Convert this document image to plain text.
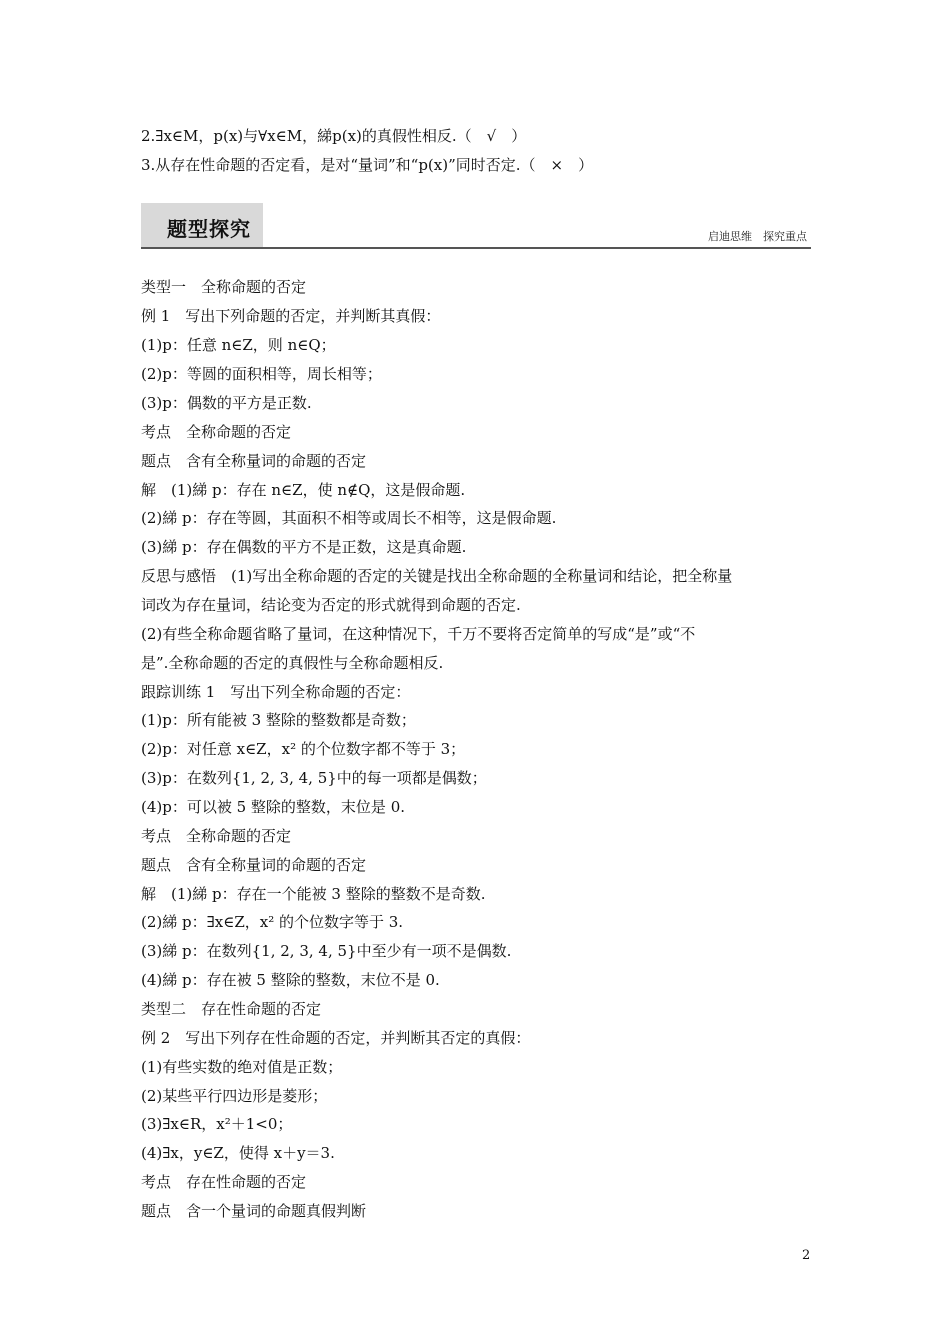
2.∃x∈M，p(x)与∀x∈M，綈p(x)的真假性相反.（　√　）
3.从存在性命题的否定看，是对“量词”和“p(x)”同时否定.（　×　）
题型探究	启迪思维　探究重点
类型一　全称命题的否定
例 1　写出下列命题的否定，并判断其真假：
(1)p：任意 n∈Z，则 n∈Q；
(2)p：等圆的面积相等，周长相等；
(3)p：偶数的平方是正数.
考点　全称命题的否定
题点　含有全称量词的命题的否定
解　(1)綈 p：存在 n∈Z，使 n∉Q，这是假命题.
(2)綈 p：存在等圆，其面积不相等或周长不相等，这是假命题.
(3)綈 p：存在偶数的平方不是正数，这是真命题.
反思与感悟　(1)写出全称命题的否定的关键是找出全称命题的全称量词和结论，把全称量
词改为存在量词，结论变为否定的形式就得到命题的否定.
(2)有些全称命题省略了量词，在这种情况下，千万不要将否定简单的写成“是”或“不
是”.全称命题的否定的真假性与全称命题相反.
跟踪训练 1　写出下列全称命题的否定：
(1)p：所有能被 3 整除的整数都是奇数；
(2)p：对任意 x∈Z，x² 的个位数字都不等于 3；
(3)p：在数列{1, 2, 3, 4, 5}中的每一项都是偶数；
(4)p：可以被 5 整除的整数，末位是 0.
考点　全称命题的否定
题点　含有全称量词的命题的否定
解　(1)綈 p：存在一个能被 3 整除的整数不是奇数.
(2)綈 p：∃x∈Z，x² 的个位数字等于 3.
(3)綈 p：在数列{1, 2, 3, 4, 5}中至少有一项不是偶数.
(4)綈 p：存在被 5 整除的整数，末位不是 0.
类型二　存在性命题的否定
例 2　写出下列存在性命题的否定，并判断其否定的真假：
(1)有些实数的绝对值是正数；
(2)某些平行四边形是菱形；
(3)∃x∈R，x²＋1<0；
(4)∃x，y∈Z，使得 x＋y＝3.
考点　存在性命题的否定
题点　含一个量词的命题真假判断
2
